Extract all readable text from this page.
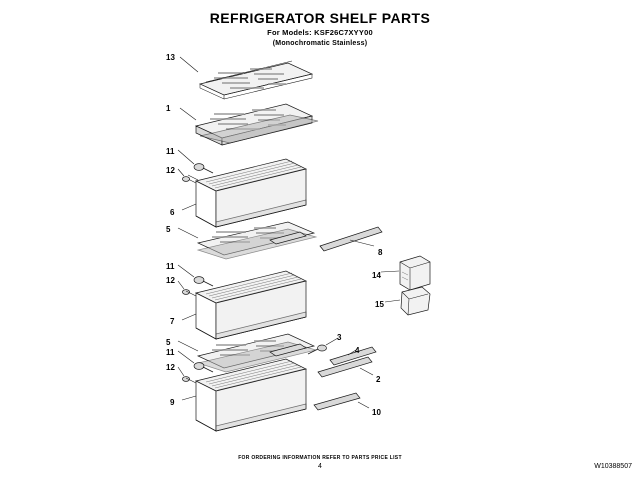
REFRIGERATOR SHELF PARTS
For Models: KSF26C7XYY00
(Monochromatic Stainless)
13
1
11
12
6
5
8
14
11
12
15
7
3
5
11	4
12
2
9
10
FOR ORDERING INFORMATION REFER TO PARTS PRICE LIST
4	W10388507
